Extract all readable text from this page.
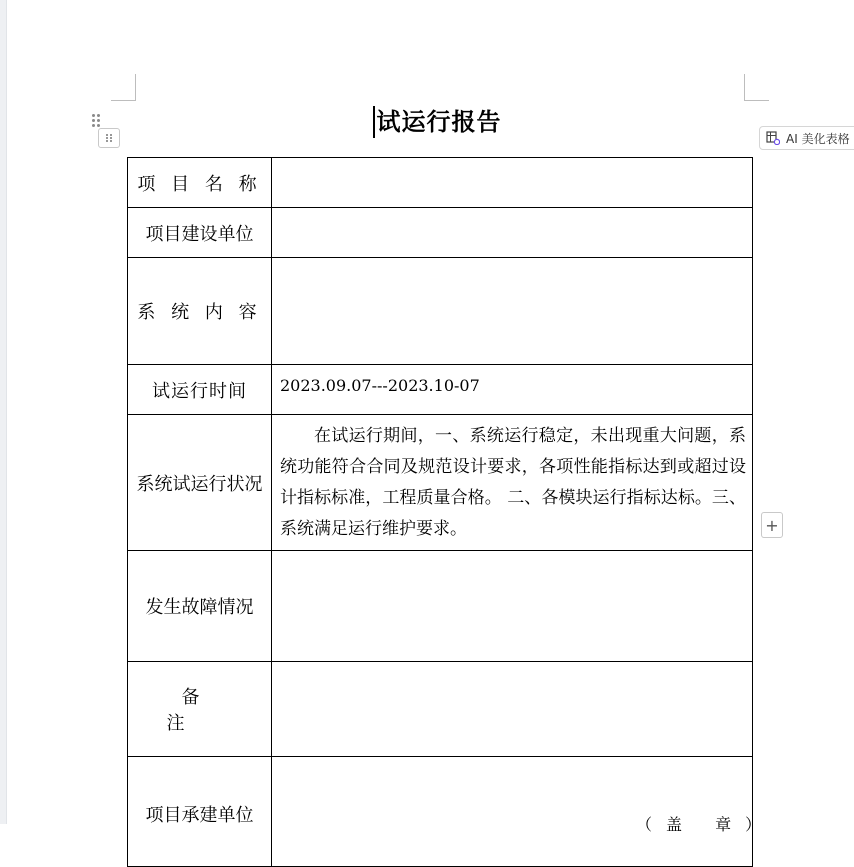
试运行报告
AI 美化表格
+
项 目 名 称	
项目建设单位	
系 统 内 容	
试运行时间	2023.09.07---2023.10-07

系统试运行状况	在试运行期间，一、系统运行稳定，未出现重大问题，系统功能符合合同及规范设计要求，各项性能指标达到或超过设计指标标准，工程质量合格。 二、各模块运行指标达标。三、系统满足运行维护要求。
发生故障情况	
备注	
项目承建单位		（盖 章）
